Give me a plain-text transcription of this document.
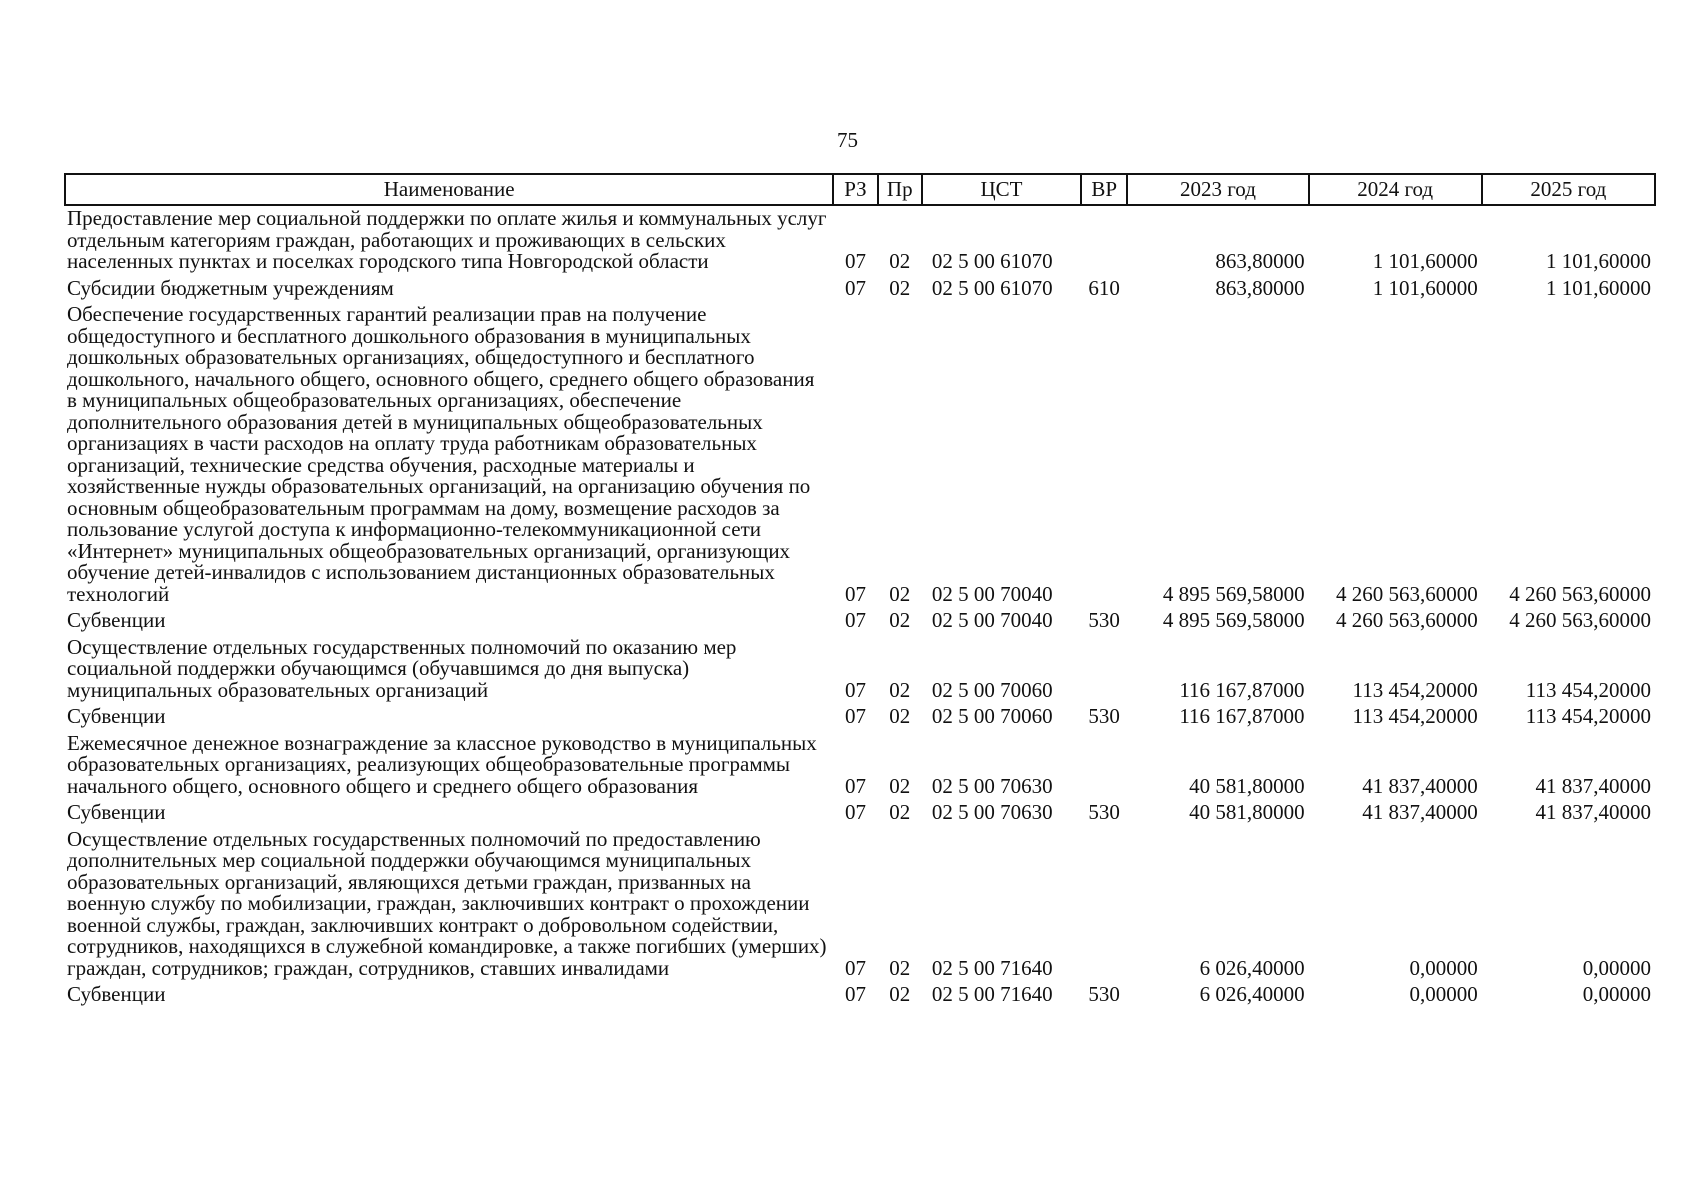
75
Наименование	РЗ	Пр	ЦСТ	ВР	2023 год	2024 год	2025 год
Предоставление мер социальной поддержки по оплате жилья и коммунальных услуг отдельным категориям граждан, работающих и проживающих в сельских населенных пунктах и поселках городского типа Новгородской области	07	02	02 5 00 61070		863,80000	1 101,60000	1 101,60000
Субсидии бюджетным учреждениям	07	02	02 5 00 61070	610	863,80000	1 101,60000	1 101,60000
Обеспечение государственных гарантий реализации прав на получение общедоступного и бесплатного дошкольного образования в муниципальных дошкольных образовательных организациях, общедоступного и бесплатного дошкольного, начального общего, основного общего, среднего общего образования в муниципальных общеобразовательных организациях, обеспечение дополнительного образования детей в муниципальных общеобразовательных организациях в части расходов на оплату труда работникам образовательных организаций, технические средства обучения, расходные материалы и хозяйственные нужды образовательных организаций, на организацию обучения по основным общеобразовательным программам на дому, возмещение расходов за пользование услугой доступа к информационно-телекоммуникационной сети «Интернет» муниципальных общеобразовательных организаций, организующих обучение детей-инвалидов с использованием дистанционных образовательных технологий	07	02	02 5 00 70040		4 895 569,58000	4 260 563,60000	4 260 563,60000
Субвенции	07	02	02 5 00 70040	530	4 895 569,58000	4 260 563,60000	4 260 563,60000
Осуществление отдельных государственных полномочий по оказанию мер социальной поддержки обучающимся (обучавшимся до дня выпуска) муниципальных образовательных организаций	07	02	02 5 00 70060		116 167,87000	113 454,20000	113 454,20000
Субвенции	07	02	02 5 00 70060	530	116 167,87000	113 454,20000	113 454,20000
Ежемесячное денежное вознаграждение за классное руководство в муниципальных образовательных организациях, реализующих общеобразовательные программы начального общего, основного общего и среднего общего образования	07	02	02 5 00 70630		40 581,80000	41 837,40000	41 837,40000
Субвенции	07	02	02 5 00 70630	530	40 581,80000	41 837,40000	41 837,40000
Осуществление отдельных государственных полномочий по предоставлению дополнительных мер социальной поддержки обучающимся муниципальных образовательных организаций, являющихся детьми граждан, призванных на военную службу по мобилизации, граждан, заключивших контракт о прохождении военной службы, граждан, заключивших контракт о добровольном содействии, сотрудников, находящихся в служебной командировке, а также погибших (умерших) граждан, сотрудников; граждан, сотрудников, ставших инвалидами	07	02	02 5 00 71640		6 026,40000	0,00000	0,00000
Субвенции	07	02	02 5 00 71640	530	6 026,40000	0,00000	0,00000
